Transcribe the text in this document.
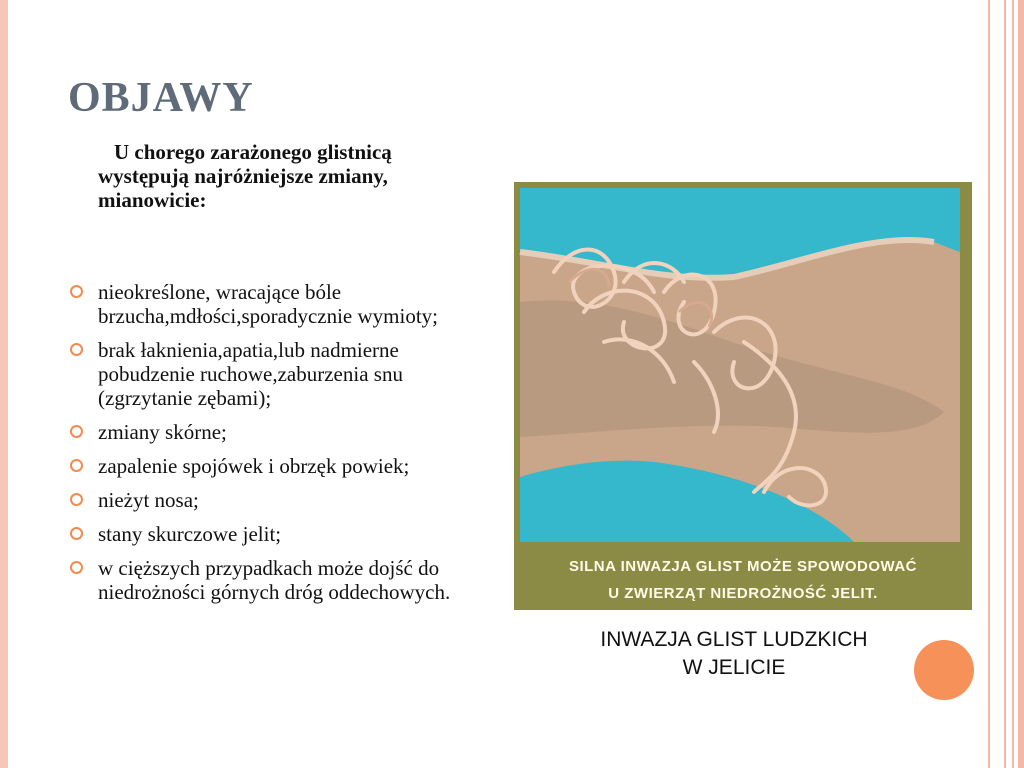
OBJAWY
U chorego zarażonego glistnicą występują najróżniejsze zmiany, mianowicie:
nieokreślone, wracające bóle brzucha,mdłości,sporadycznie wymioty;
brak łaknienia,apatia,lub nadmierne pobudzenie ruchowe,zaburzenia snu (zgrzytanie zębami);
zmiany skórne;
zapalenie spojówek i obrzęk powiek;
nieżyt nosa;
stany skurczowe jelit;
w cięższych przypadkach może dojść do niedrożności górnych dróg oddechowych.
SILNA INWAZJA GLIST MOŻE SPOWODOWAĆ
U ZWIERZĄT NIEDROŻNOŚĆ JELIT.
INWAZJA GLIST LUDZKICH
W JELICIE
